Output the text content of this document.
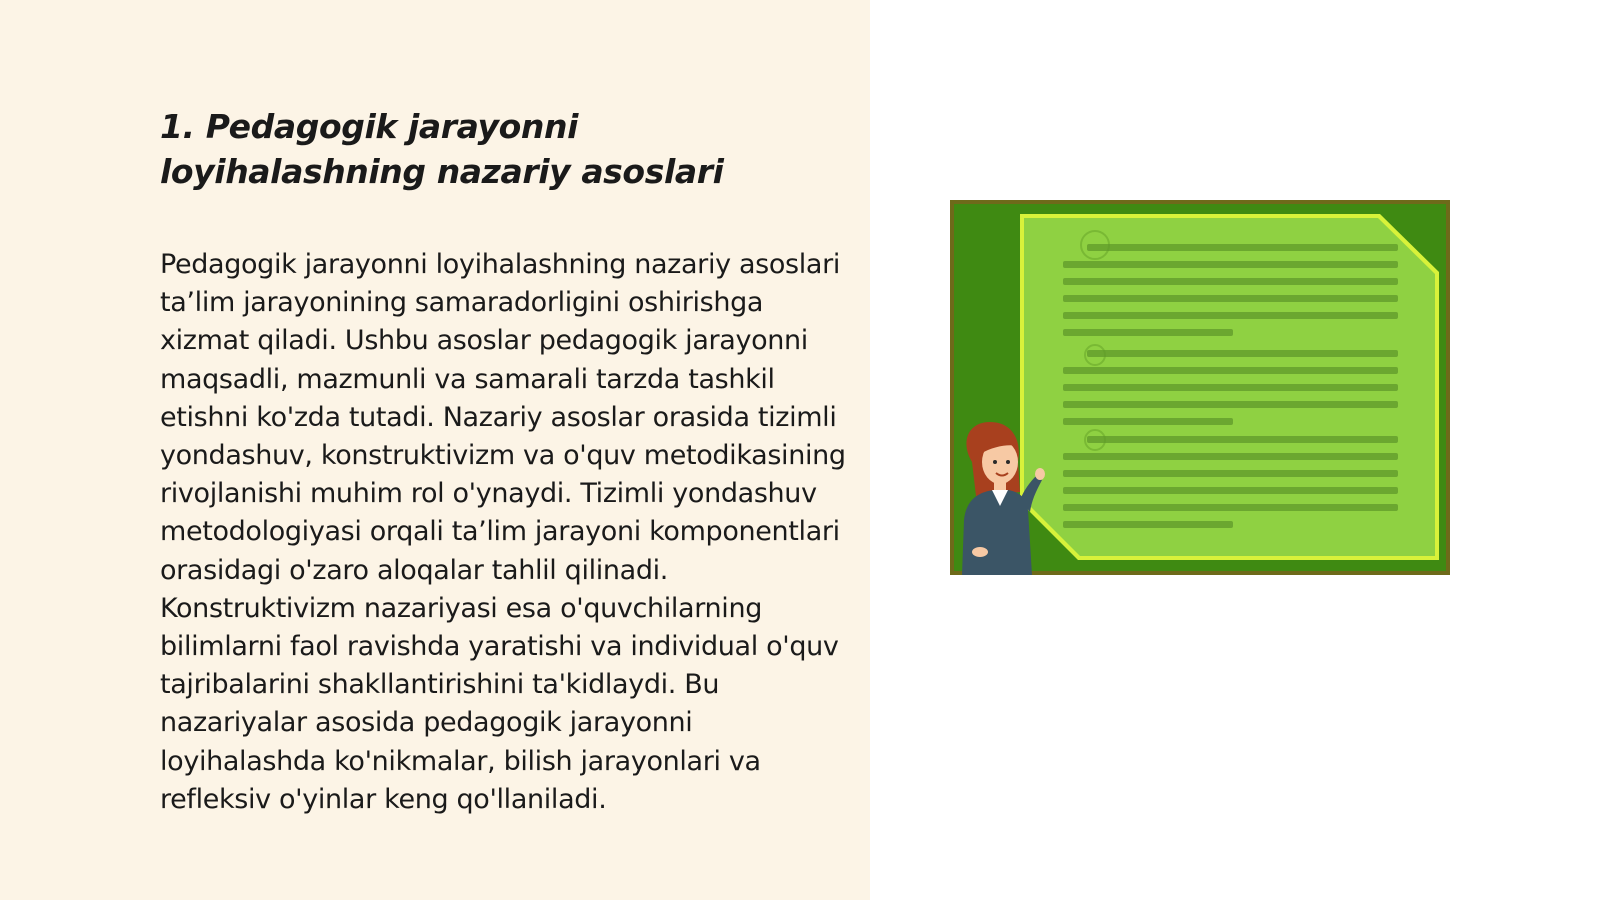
1. Pedagogik jarayonni loyihalashning nazariy asoslari

Pedagogik jarayonni loyihalashning nazariy asoslari ta’lim jarayonining samaradorligini oshirishga xizmat qiladi. Ushbu asoslar pedagogik jarayonni maqsadli, mazmunli va samarali tarzda tashkil etishni ko'zda tutadi. Nazariy asoslar orasida tizimli yondashuv, konstruktivizm va o'quv metodikasining rivojlanishi muhim rol o'ynaydi. Tizimli yondashuv metodologiyasi orqali ta’lim jarayoni komponentlari orasidagi o'zaro aloqalar tahlil qilinadi. Konstruktivizm nazariyasi esa o'quvchilarning bilimlarni faol ravishda yaratishi va individual o'quv tajribalarini shakllantirishini ta'kidlaydi. Bu nazariyalar asosida pedagogik jarayonni loyihalashda ko'nikmalar, bilish jarayonlari va refleksiv o'yinlar keng qo'llaniladi.
